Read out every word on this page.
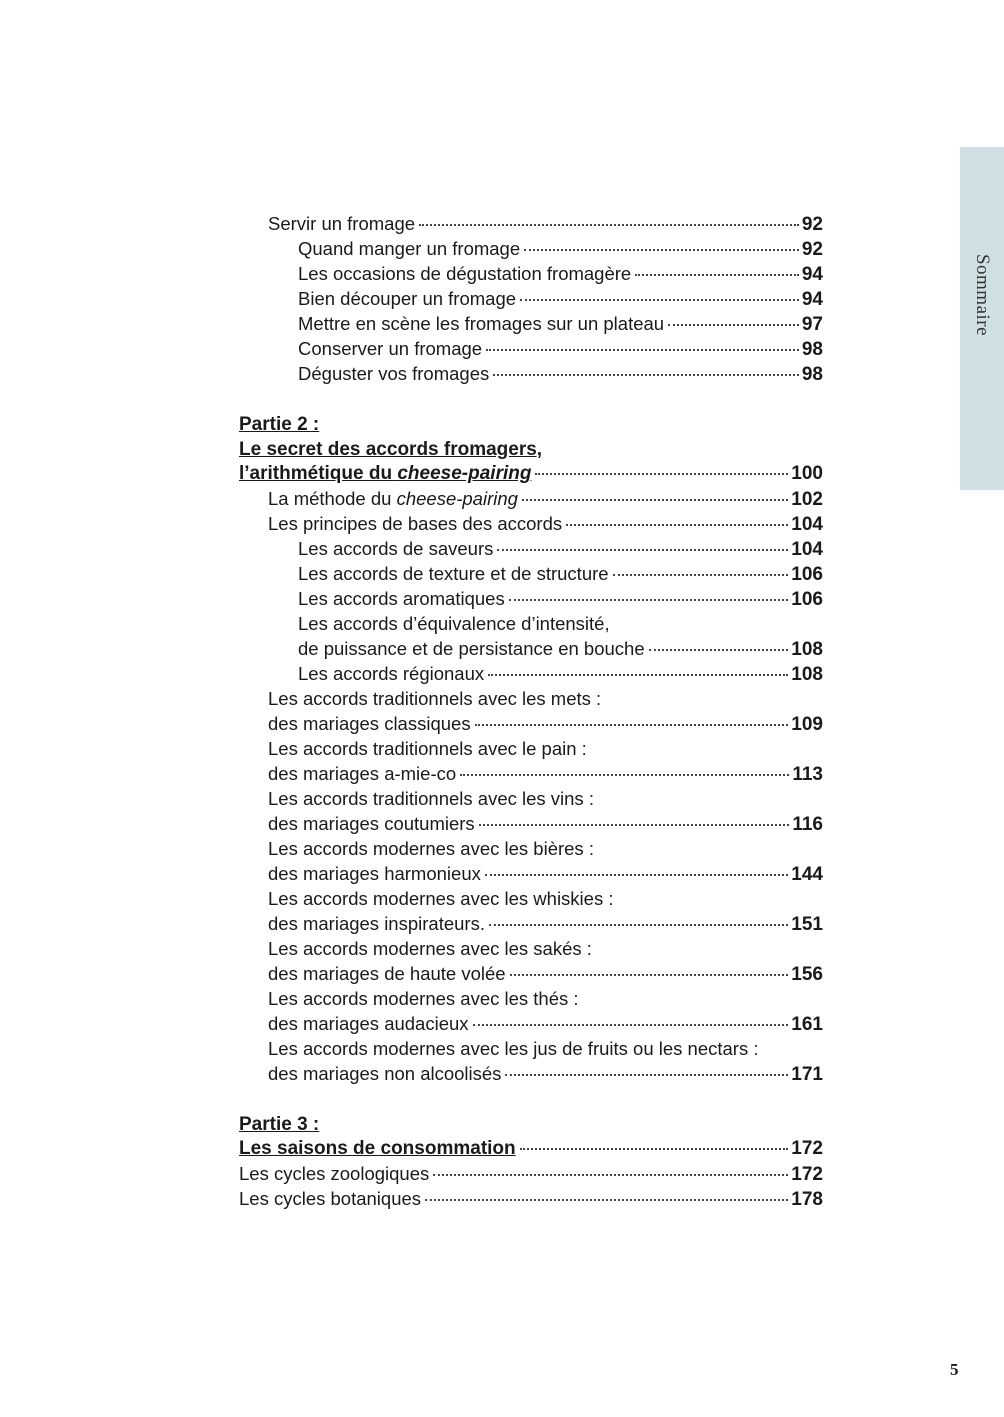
Sommaire
Servir un fromage	92
Quand manger un fromage	92
Les occasions de dégustation fromagère	94
Bien découper un fromage	94
Mettre en scène les fromages sur un plateau	97
Conserver un fromage	98
Déguster vos fromages	98
Partie 2 :
Le secret des accords fromagers,
l’arithmétique du cheese-pairing	100
La méthode du cheese-pairing	102
Les principes de bases des accords	104
Les accords de saveurs	104
Les accords de texture et de structure	106
Les accords aromatiques	106
Les accords d’équivalence d’intensité,
de puissance et de persistance en bouche	108
Les accords régionaux	108
Les accords traditionnels avec les mets :
des mariages classiques	109
Les accords traditionnels avec le pain :
des mariages a-mie-co	113
Les accords traditionnels avec les vins :
des mariages coutumiers	116
Les accords modernes avec les bières :
des mariages harmonieux	144
Les accords modernes avec les whiskies :
des mariages inspirateurs.	151
Les accords modernes avec les sakés :
des mariages de haute volée	156
Les accords modernes avec les thés :
des mariages audacieux	161
Les accords modernes avec les jus de fruits ou les nectars :
des mariages non alcoolisés	171
Partie 3 :
Les saisons de consommation	172
Les cycles zoologiques	172
Les cycles botaniques	178
5
